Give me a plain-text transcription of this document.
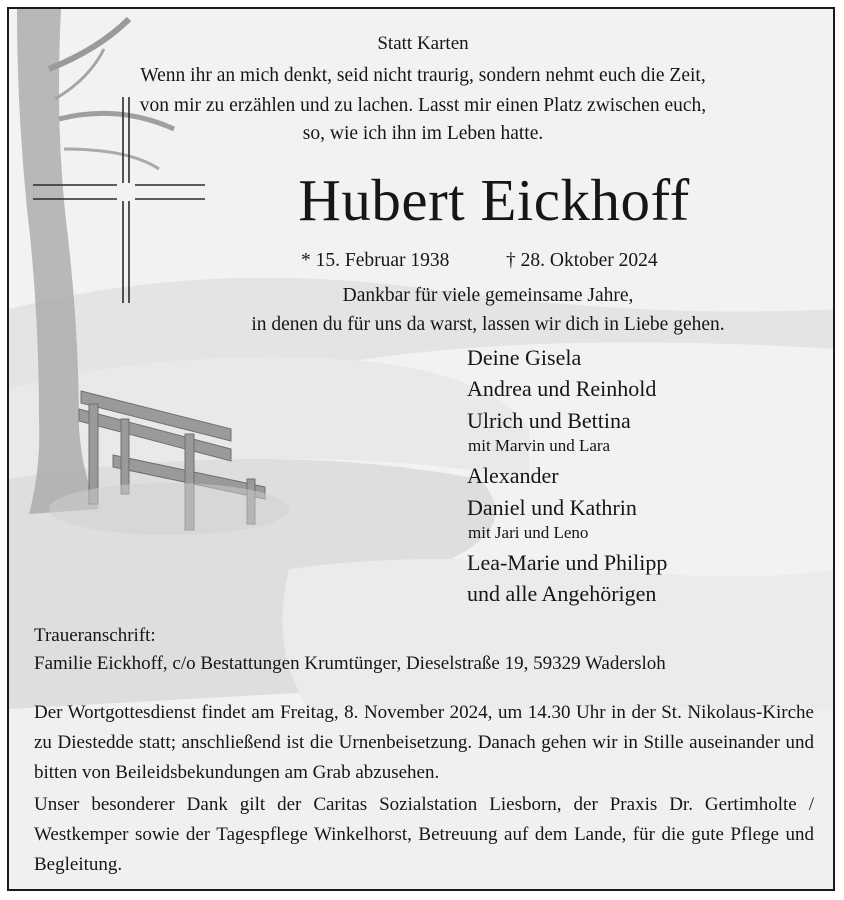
Statt Karten
Wenn ihr an mich denkt, seid nicht traurig, sondern nehmt euch die Zeit,
von mir zu erzählen und zu lachen. Lasst mir einen Platz zwischen euch,
so, wie ich ihn im Leben hatte.
Hubert Eickhoff
* 15. Februar 1938	† 28. Oktober 2024
Dankbar für viele gemeinsame Jahre,
in denen du für uns da warst, lassen wir dich in Liebe gehen.
Deine Gisela
Andrea und Reinhold
Ulrich und Bettina
mit Marvin und Lara
Alexander
Daniel und Kathrin
mit Jari und Leno
Lea-Marie und Philipp
und alle Angehörigen
Traueranschrift:
Familie Eickhoff, c/o Bestattungen Krumtünger, Dieselstraße 19, 59329 Wadersloh
Der Wortgottesdienst findet am Freitag, 8. November 2024, um 14.30 Uhr in der St. Nikolaus-Kirche zu Diestedde statt; anschließend ist die Urnenbeisetzung. Danach gehen wir in Stille auseinander und bitten von Beileidsbekundungen am Grab abzusehen.
Unser besonderer Dank gilt der Caritas Sozialstation Liesborn, der Praxis Dr. Gertimholte / Westkemper sowie der Tagespflege Winkelhorst, Betreuung auf dem Lande, für die gute Pflege und Begleitung.
